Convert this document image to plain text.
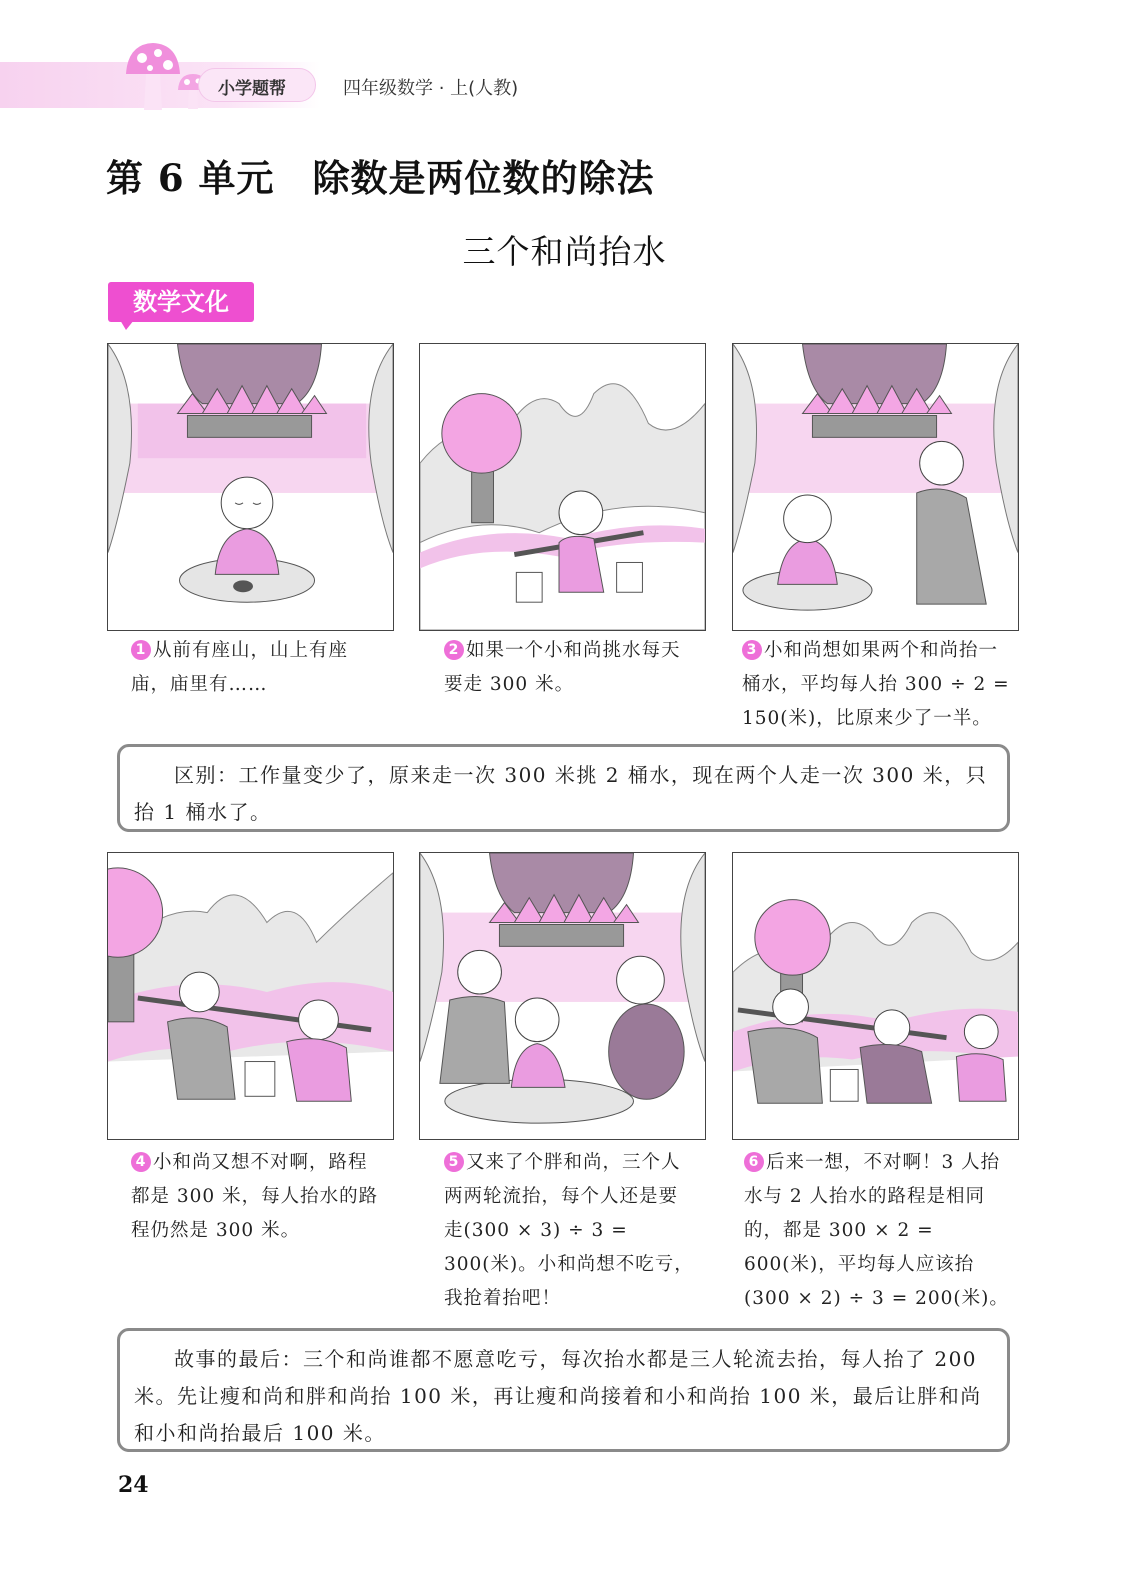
小学题帮	四年级数学 · 上(人教)
第 6 单元　除数是两位数的除法
三个和尚抬水
数学文化
1 从前有座山，山上有座庙，庙里有……
2 如果一个小和尚挑水每天要走 300 米。
3 小和尚想如果两个和尚抬一桶水，平均每人抬 300 ÷ 2 = 150(米)，比原来少了一半。
区别：工作量变少了，原来走一次 300 米挑 2 桶水，现在两个人走一次 300 米，只抬 1 桶水了。
4 小和尚又想不对啊，路程都是 300 米，每人抬水的路程仍然是 300 米。
5 又来了个胖和尚，三个人两两轮流抬，每个人还是要走(300 × 3) ÷ 3 = 300(米)。小和尚想不吃亏，我抢着抬吧！
6 后来一想，不对啊！3 人抬水与 2 人抬水的路程是相同的，都是 300 × 2 = 600(米)，平均每人应该抬(300 × 2) ÷ 3 = 200(米)。
故事的最后：三个和尚谁都不愿意吃亏，每次抬水都是三人轮流去抬，每人抬了 200 米。先让瘦和尚和胖和尚抬 100 米，再让瘦和尚接着和小和尚抬 100 米，最后让胖和尚和小和尚抬最后 100 米。
24
